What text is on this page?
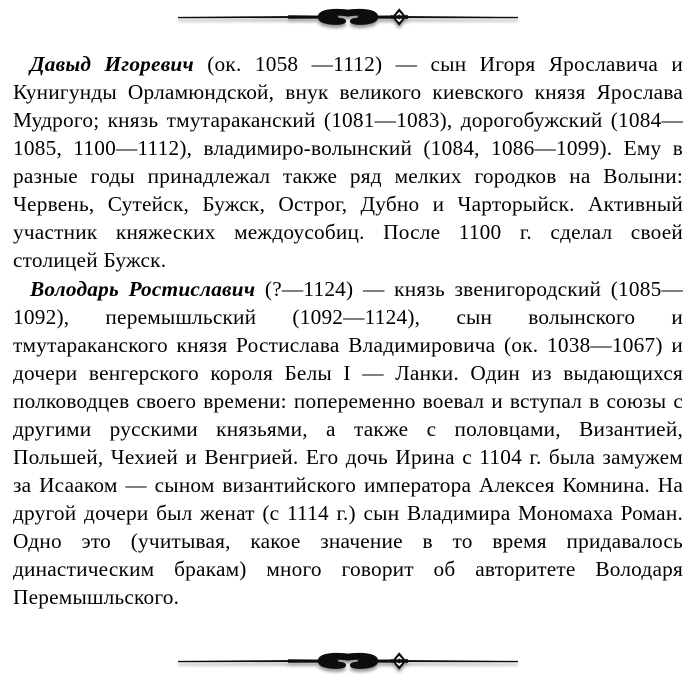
Давыд Игоревич (ок. 1058 —1112) — сын Игоря Ярославича и Кунигунды Орламюндской, внук великого киевского князя Ярослава Мудрого; князь тмутараканский (1081—1083), дорогобужский (1084—1085, 1100—1112), владимиро-волынский (1084, 1086—1099). Ему в разные годы принадлежал также ряд мелких городков на Волыни: Червень, Сутейск, Бужск, Острог, Дубно и Чарторыйск. Активный участник княжеских междоусобиц. После 1100 г. сделал своей столицей Бужск.

Володарь Ростиславич (?—1124) — князь звенигородский (1085—1092), перемышльский (1092—1124), сын волынского и тмутараканского князя Ростислава Владимировича (ок. 1038—1067) и дочери венгерского короля Белы I — Ланки. Один из выдающихся полководцев своего времени: попеременно воевал и вступал в союзы с другими русскими князьями, а также с половцами, Византией, Польшей, Чехией и Венгрией. Его дочь Ирина с 1104 г. была замужем за Исааком — сыном византийского императора Алексея Комнина. На другой дочери был женат (с 1114 г.) сын Владимира Мономаха Роман. Одно это (учитывая, какое значение в то время придавалось династическим бракам) много говорит об авторитете Володаря Перемышльского.
